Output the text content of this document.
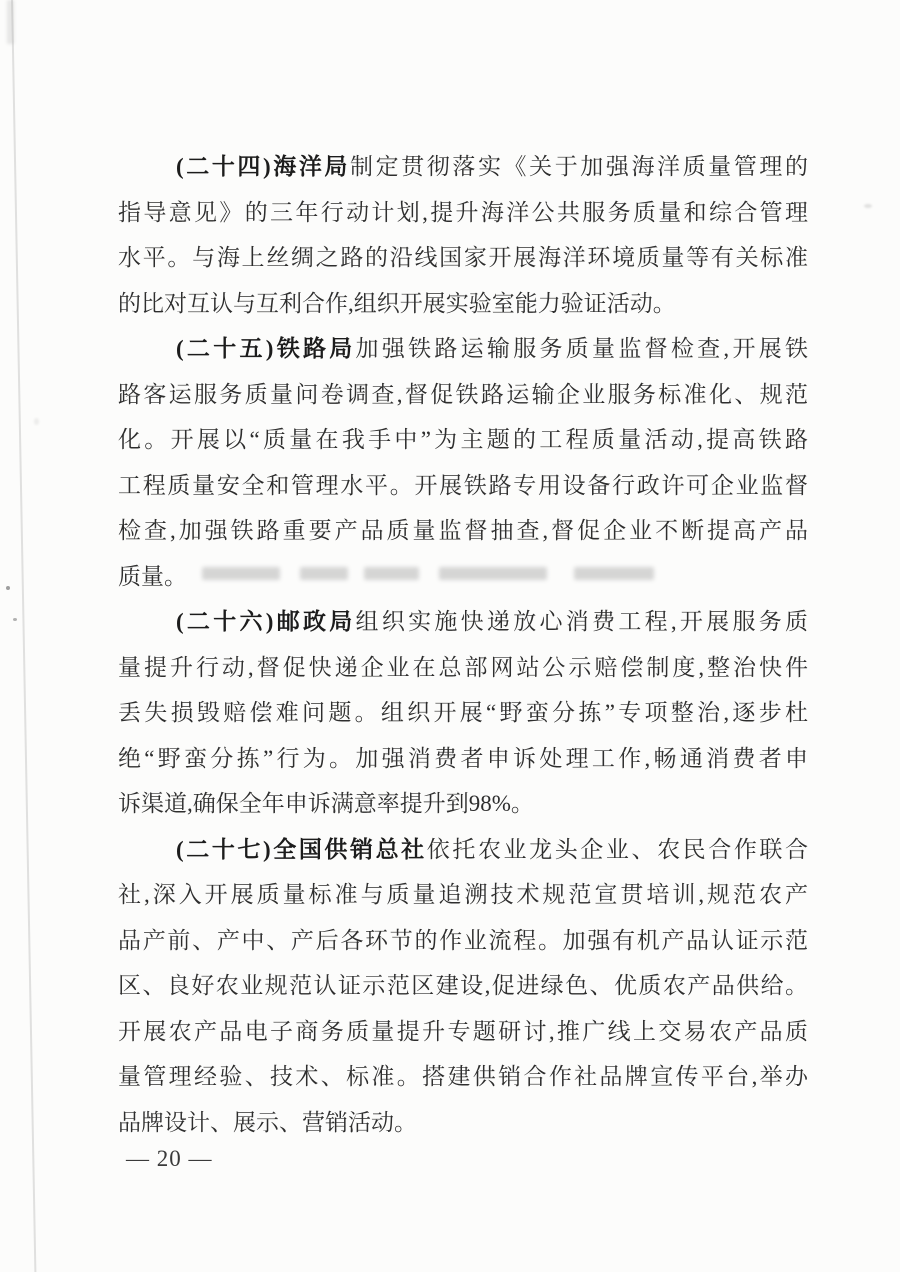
(二十四)海洋局制定贯彻落实《关于加强海洋质量管理的
指导意见》的三年行动计划,提升海洋公共服务质量和综合管理
水平。与海上丝绸之路的沿线国家开展海洋环境质量等有关标准
的比对互认与互利合作,组织开展实验室能力验证活动。
(二十五)铁路局加强铁路运输服务质量监督检查,开展铁
路客运服务质量问卷调查,督促铁路运输企业服务标准化、规范
化。开展以“质量在我手中”为主题的工程质量活动,提高铁路
工程质量安全和管理水平。开展铁路专用设备行政许可企业监督
检查,加强铁路重要产品质量监督抽查,督促企业不断提高产品
质量。
(二十六)邮政局组织实施快递放心消费工程,开展服务质
量提升行动,督促快递企业在总部网站公示赔偿制度,整治快件
丢失损毁赔偿难问题。组织开展“野蛮分拣”专项整治,逐步杜
绝“野蛮分拣”行为。加强消费者申诉处理工作,畅通消费者申
诉渠道,确保全年申诉满意率提升到98%。
(二十七)全国供销总社依托农业龙头企业、农民合作联合
社,深入开展质量标准与质量追溯技术规范宣贯培训,规范农产
品产前、产中、产后各环节的作业流程。加强有机产品认证示范
区、良好农业规范认证示范区建设,促进绿色、优质农产品供给。
开展农产品电子商务质量提升专题研讨,推广线上交易农产品质
量管理经验、技术、标准。搭建供销合作社品牌宣传平台,举办
品牌设计、展示、营销活动。
— 20 —
